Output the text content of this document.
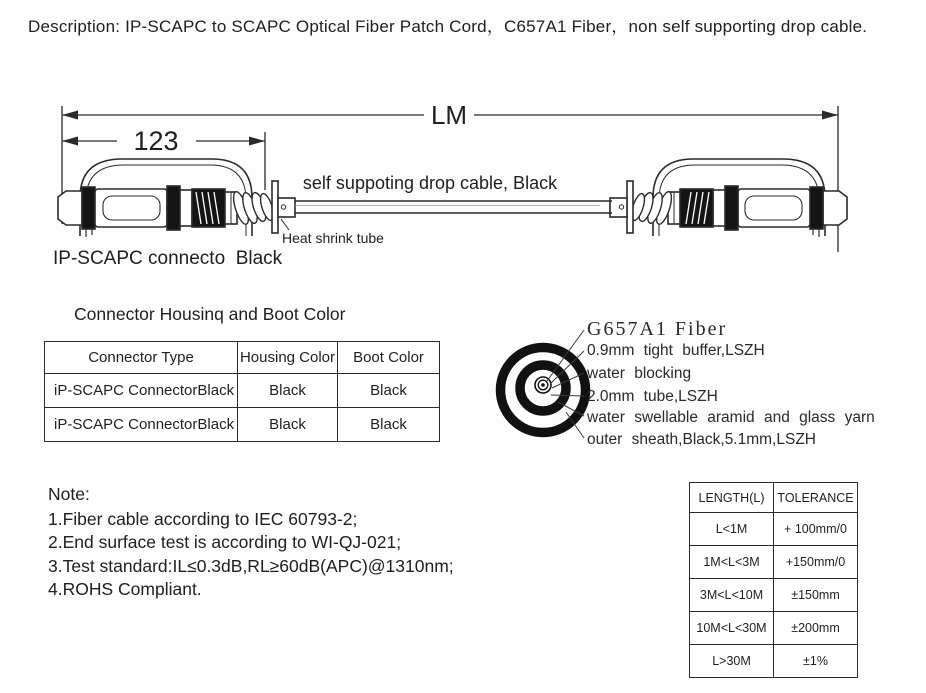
Description: IP-SCAPC to SCAPC Optical Fiber Patch Cord，C657A1 Fiber，non self supporting drop cable.
LM
123
self suppoting drop cable, Black
Heat shrink tube
IP-SCAPC connecto  Black
G657A1 Fiber
0.9mm tight buffer,LSZH
water blocking
2.0mm tube,LSZH
water swellable aramid and glass yarn
outer sheath,Black,5.1mm,LSZH
Connector Housinq and Boot Color
Connector Type	Housing Color	Boot Color
iP-SCAPC ConnectorBlack	Black	Black
iP-SCAPC ConnectorBlack	Black	Black
Note:
1.Fiber cable according to IEC 60793-2;
2.End surface test is according to WI-QJ-021;
3.Test standard:IL≤0.3dB,RL≥60dB(APC)@1310nm;
4.ROHS Compliant.
LENGTH(L)	TOLERANCE
L<1M	+ 100mm/0
1M<L<3M	+150mm/0
3M<L<10M	±150mm
10M<L<30M	±200mm
L>30M	±1%
